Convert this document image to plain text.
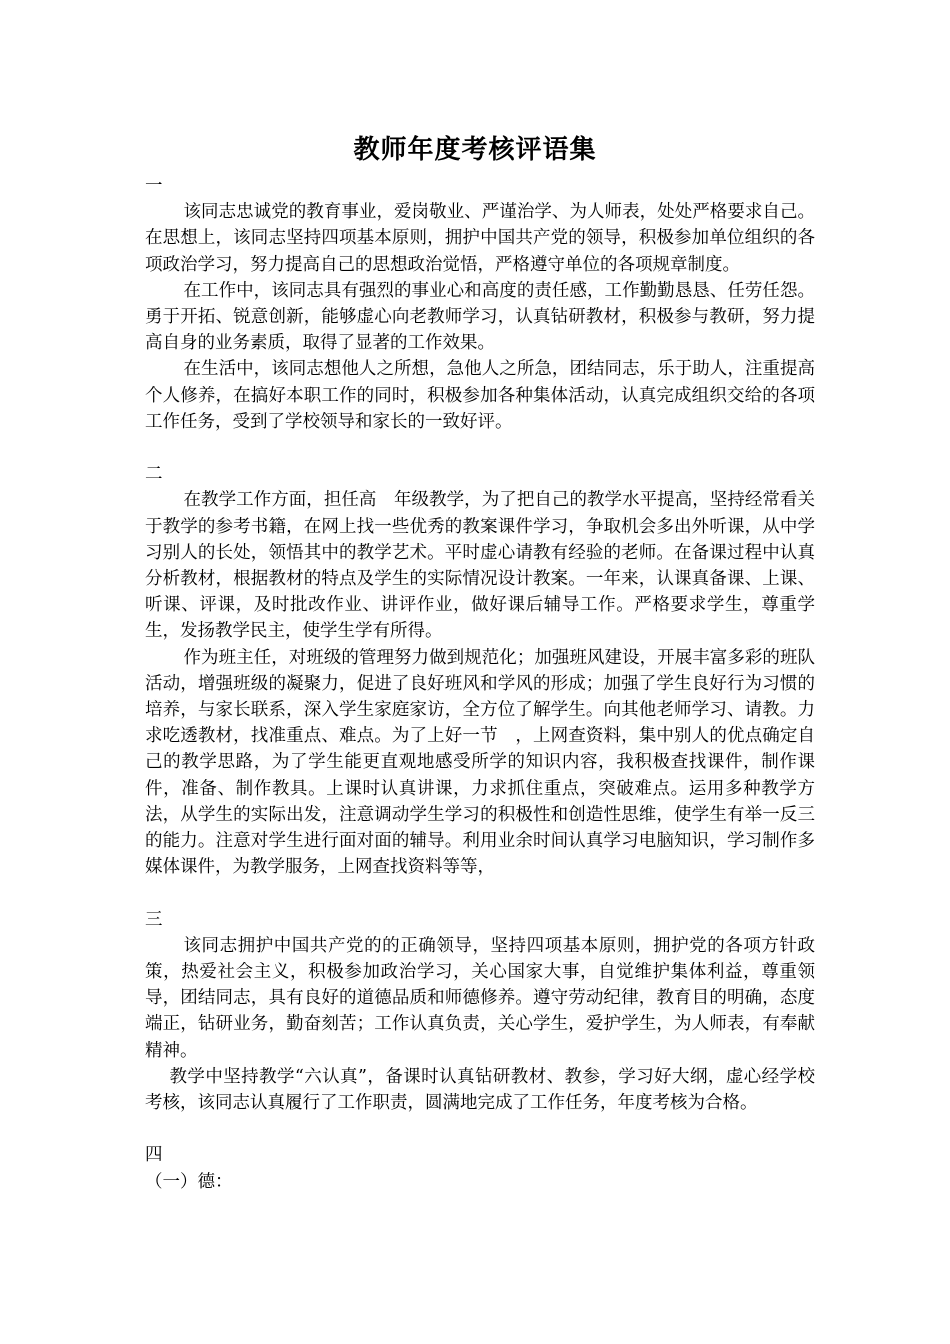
教师年度考核评语集
一

该同志忠诚党的教育事业，爱岗敬业、严谨治学、为人师表，处处严格要求自己。在思想上，该同志坚持四项基本原则，拥护中国共产党的领导，积极参加单位组织的各项政治学习，努力提高自己的思想政治觉悟，严格遵守单位的各项规章制度。

在工作中，该同志具有强烈的事业心和高度的责任感，工作勤勤恳恳、任劳任怨。勇于开拓、锐意创新，能够虚心向老教师学习，认真钻研教材，积极参与教研，努力提高自身的业务素质，取得了显著的工作效果。

在生活中，该同志想他人之所想，急他人之所急，团结同志，乐于助人，注重提高个人修养，在搞好本职工作的同时，积极参加各种集体活动，认真完成组织交给的各项工作任务，受到了学校领导和家长的一致好评。

二

在教学工作方面，担任高　年级教学，为了把自己的教学水平提高，坚持经常看关于教学的参考书籍，在网上找一些优秀的教案课件学习，争取机会多出外听课，从中学习别人的长处，领悟其中的教学艺术。平时虚心请教有经验的老师。在备课过程中认真分析教材，根据教材的特点及学生的实际情况设计教案。一年来，认课真备课、上课、听课、评课，及时批改作业、讲评作业，做好课后辅导工作。严格要求学生，尊重学生，发扬教学民主，使学生学有所得。

作为班主任，对班级的管理努力做到规范化；加强班风建设，开展丰富多彩的班队活动，增强班级的凝聚力，促进了良好班风和学风的形成；加强了学生良好行为习惯的培养，与家长联系，深入学生家庭家访，全方位了解学生。向其他老师学习、请教。力求吃透教材，找准重点、难点。为了上好一节　，上网查资料，集中别人的优点确定自己的教学思路，为了学生能更直观地感受所学的知识内容，我积极查找课件，制作课件，准备、制作教具。上课时认真讲课，力求抓住重点，突破难点。运用多种教学方法，从学生的实际出发，注意调动学生学习的积极性和创造性思维，使学生有举一反三的能力。注意对学生进行面对面的辅导。利用业余时间认真学习电脑知识，学习制作多媒体课件，为教学服务，上网查找资料等等，

三

该同志拥护中国共产党的的正确领导，坚持四项基本原则，拥护党的各项方针政策，热爱社会主义，积极参加政治学习，关心国家大事，自觉维护集体利益，尊重领导，团结同志，具有良好的道德品质和师德修养。遵守劳动纪律，教育目的明确，态度端正，钻研业务，勤奋刻苦；工作认真负责，关心学生，爱护学生，为人师表，有奉献精神。

教学中坚持教学“六认真”，备课时认真钻研教材、教参，学习好大纲，虚心经学校考核，该同志认真履行了工作职责，圆满地完成了工作任务，年度考核为合格。

四
（一）德：
